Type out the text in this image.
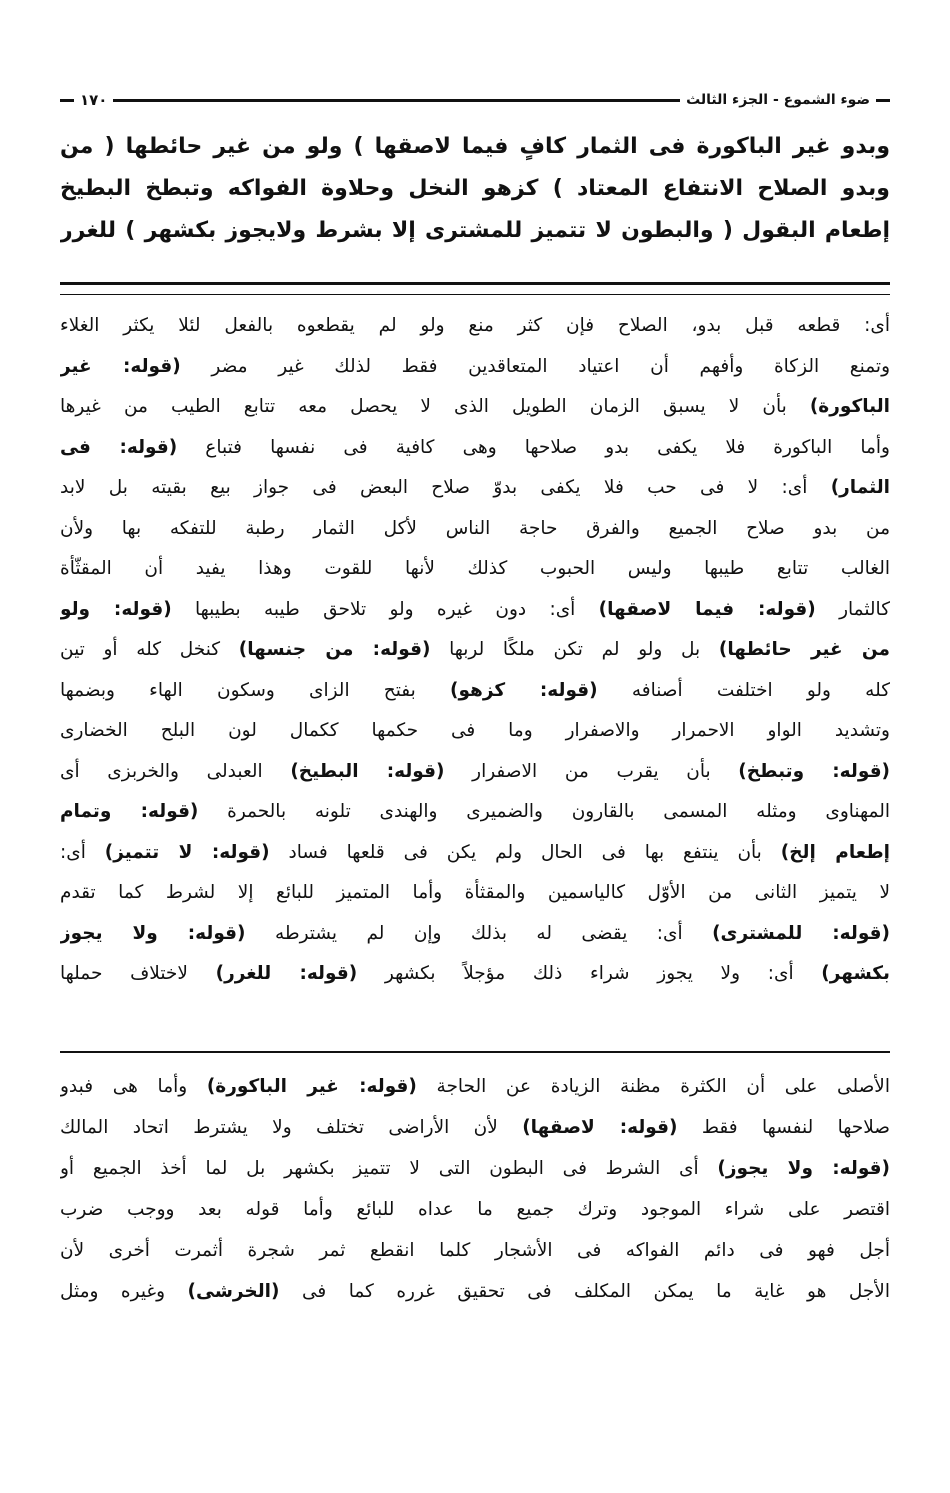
ضوء الشموع - الجزء الثالث
١٧٠
وبدو غير الباكورة فى الثمار كافٍ فيما لاصقها ) ولو من غير حائطها ( من
وبدو الصلاح الانتفاع المعتاد ) كزهو النخل وحلاوة الفواكه وتبطخ البطيخ
إطعام البقول ( والبطون لا تتميز للمشترى إلا بشرط ولايجوز بكشهر ) للغرر
أى: قطعه قبل بدو، الصلاح فإن كثر منع ولو لم يقطعوه بالفعل لئلا يكثر الغلاء
وتمنع الزكاة وأفهم أن اعتياد المتعاقدين فقط لذلك غير مضر (قوله: غير
الباكورة) بأن لا يسبق الزمان الطويل الذى لا يحصل معه تتابع الطيب من غيرها
وأما الباكورة فلا يكفى بدو صلاحها وهى كافية فى نفسها فتباع (قوله: فى
الثمار) أى: لا فى حب فلا يكفى بدوّ صلاح البعض فى جواز بيع بقيته بل لابد
من بدو صلاح الجميع والفرق حاجة الناس لأكل الثمار رطبة للتفكه بها ولأن
الغالب تتابع طيبها وليس الحبوب كذلك لأنها للقوت وهذا يفيد أن المقثّأة
كالثمار (قوله: فيما لاصقها) أى: دون غيره ولو تلاحق طيبه بطيبها (قوله: ولو
من غير حائطها) بل ولو لم تكن ملكًا لربها (قوله: من جنسها) كنخل كله أو تين
كله ولو اختلفت أصنافه (قوله: كزهو) بفتح الزاى وسكون الهاء وبضمها
وتشديد الواو الاحمرار والاصفرار وما فى حكمها ككمال لون البلح الخضارى
(قوله: وتبطخ) بأن يقرب من الاصفرار (قوله: البطيخ) العبدلى والخربزى أى
المهناوى ومثله المسمى بالقارون والضميرى والهندى تلونه بالحمرة (قوله: وتمام
إطعام إلخ) بأن ينتفع بها فى الحال ولم يكن فى قلعها فساد (قوله: لا تتميز) أى:
لا يتميز الثانى من الأوّل كالياسمين والمقثأة وأما المتميز للبائع إلا لشرط كما تقدم
(قوله: للمشترى) أى: يقضى له بذلك وإن لم يشترطه (قوله: ولا يجوز
بكشهر) أى: ولا يجوز شراء ذلك مؤجلاً بكشهر (قوله: للغرر) لاختلاف حملها
الأصلى على أن الكثرة مظنة الزيادة عن الحاجة (قوله: غير الباكورة) وأما هى فبدو
صلاحها لنفسها فقط (قوله: لاصقها) لأن الأراضى تختلف ولا يشترط اتحاد المالك
(قوله: ولا يجوز) أى الشرط فى البطون التى لا تتميز بكشهر بل لما أخذ الجميع أو
اقتصر على شراء الموجود وترك جميع ما عداه للبائع وأما قوله بعد ووجب ضرب
أجل فهو فى دائم الفواكه فى الأشجار كلما انقطع ثمر شجرة أثمرت أخرى لأن
الأجل هو غاية ما يمكن المكلف فى تحقيق غرره كما فى (الخرشى) وغيره ومثل
